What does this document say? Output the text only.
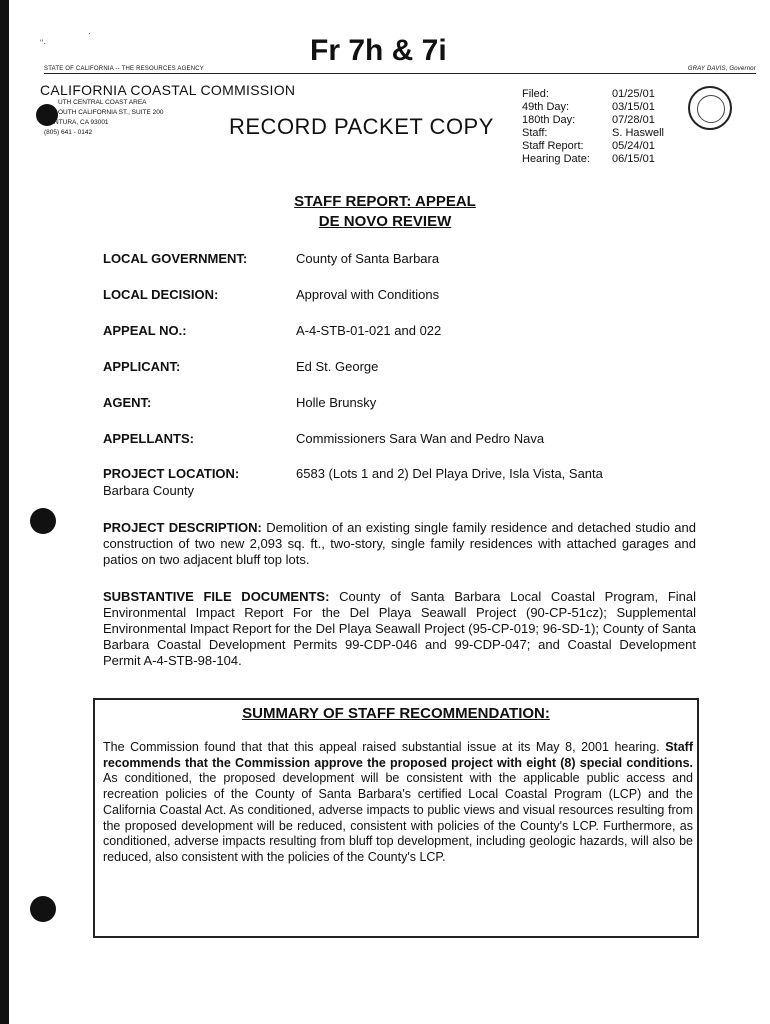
"·
·
Fr 7h & 7i
STATE OF CALIFORNIA -- THE RESOURCES AGENCY	GRAY DAVIS, Governor
CALIFORNIA COASTAL COMMISSION
UTH CENTRAL COAST AREA
OUTH CALIFORNIA ST., SUITE 200
NTURA, CA 93001
(805) 641 - 0142	RECORD PACKET COPY
Filed:	01/25/01
49th Day:	03/15/01
180th Day:	07/28/01
Staff:	S. Haswell
Staff Report:	05/24/01
Hearing Date:	06/15/01
STAFF REPORT: APPEAL
DE NOVO REVIEW
LOCAL GOVERNMENT:	County of Santa Barbara
LOCAL DECISION:	Approval with Conditions
APPEAL NO.:	A-4-STB-01-021 and 022
APPLICANT:	Ed St. George
AGENT:	Holle Brunsky
APPELLANTS:	Commissioners Sara Wan and Pedro Nava
PROJECT LOCATION:	6583 (Lots 1 and 2) Del Playa Drive, Isla Vista, Santa
Barbara County
PROJECT DESCRIPTION: Demolition of an existing single family residence and detached studio and construction of two new 2,093 sq. ft., two-story, single family residences with attached garages and patios on two adjacent bluff top lots.
SUBSTANTIVE FILE DOCUMENTS: County of Santa Barbara Local Coastal Program, Final Environmental Impact Report For the Del Playa Seawall Project (90-CP-51cz); Supplemental Environmental Impact Report for the Del Playa Seawall Project (95-CP-019; 96-SD-1); County of Santa Barbara Coastal Development Permits 99-CDP-046 and 99-CDP-047; and Coastal Development Permit A-4-STB-98-104.
SUMMARY OF STAFF RECOMMENDATION:
The Commission found that that this appeal raised substantial issue at its May 8, 2001 hearing. Staff recommends that the Commission approve the proposed project with eight (8) special conditions. As conditioned, the proposed development will be consistent with the applicable public access and recreation policies of the County of Santa Barbara's certified Local Coastal Program (LCP) and the California Coastal Act. As conditioned, adverse impacts to public views and visual resources resulting from the proposed development will be reduced, consistent with policies of the County's LCP. Furthermore, as conditioned, adverse impacts resulting from bluff top development, including geologic hazards, will also be reduced, also consistent with the policies of the County's LCP.
